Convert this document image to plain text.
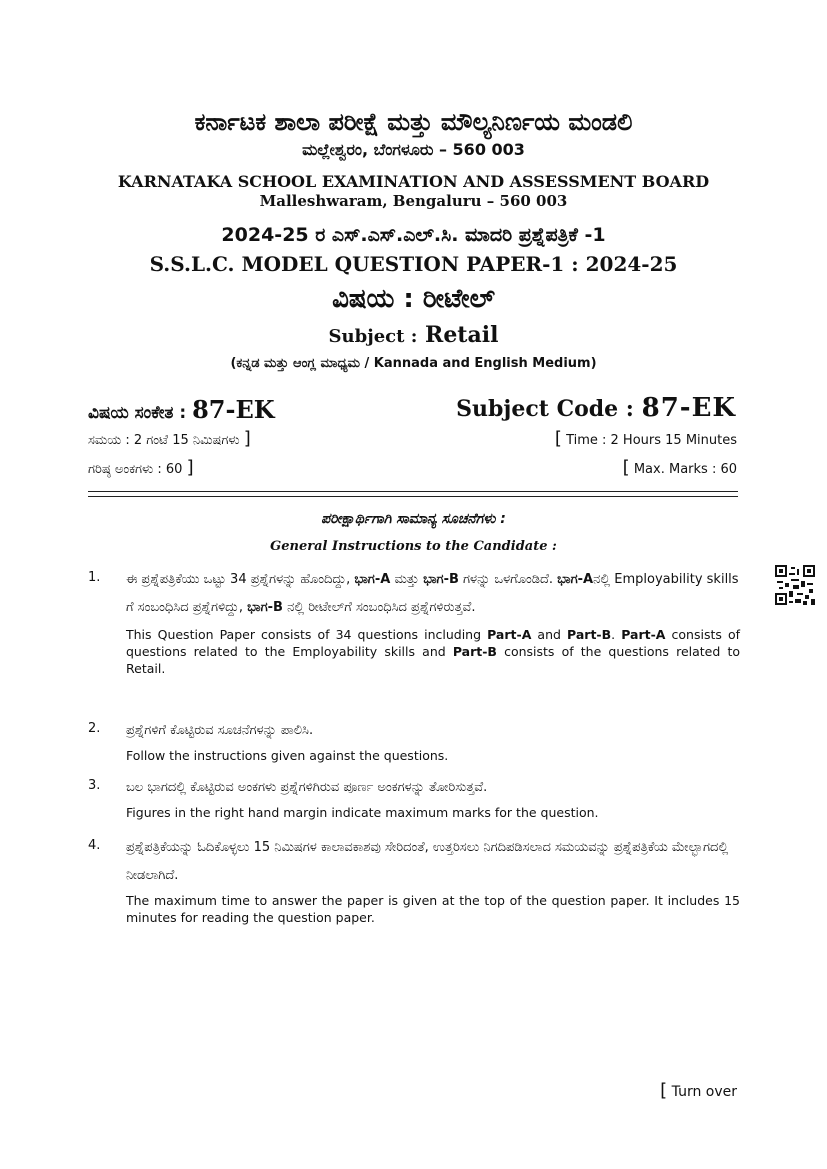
ಕರ್ನಾಟಕ ಶಾಲಾ ಪರೀಕ್ಷೆ ಮತ್ತು ಮೌಲ್ಯನಿರ್ಣಯ ಮಂಡಲಿ
ಮಲ್ಲೇಶ್ವರಂ, ಬೆಂಗಳೂರು – 560 003
KARNATAKA SCHOOL EXAMINATION AND ASSESSMENT BOARD
Malleshwaram, Bengaluru – 560 003
2024-25 ರ ಎಸ್.ಎಸ್.ಎಲ್.ಸಿ. ಮಾದರಿ ಪ್ರಶ್ನೆಪತ್ರಿಕೆ -1
S.S.L.C. MODEL QUESTION PAPER-1 : 2024-25
ವಿಷಯ : ರೀಟೇಲ್
Subject : Retail
(ಕನ್ನಡ ಮತ್ತು ಆಂಗ್ಲ ಮಾಧ್ಯಮ / Kannada and English Medium)
ವಿಷಯ ಸಂಕೇತ : 87-EK	Subject Code : 87-EK
ಸಮಯ : 2 ಗಂಟೆ 15 ನಿಮಿಷಗಳು ]	[ Time : 2 Hours 15 Minutes
ಗರಿಷ್ಠ ಅಂಕಗಳು : 60 ]	[ Max. Marks : 60
ಪರೀಕ್ಷಾರ್ಥಿಗಾಗಿ ಸಾಮಾನ್ಯ ಸೂಚನೆಗಳು :
General Instructions to the Candidate :
1. ಈ ಪ್ರಶ್ನೆಪತ್ರಿಕೆಯು ಒಟ್ಟು 34 ಪ್ರಶ್ನೆಗಳನ್ನು ಹೊಂದಿದ್ದು, ಭಾಗ-A ಮತ್ತು ಭಾಗ-B ಗಳನ್ನು ಒಳಗೊಂಡಿದೆ. ಭಾಗ-Aನಲ್ಲಿ Employability skills ಗೆ ಸಂಬಂಧಿಸಿದ ಪ್ರಶ್ನೆಗಳಿದ್ದು, ಭಾಗ-B ನಲ್ಲಿ ರೀಟೇಲ್‌ಗೆ ಸಂಬಂಧಿಸಿದ ಪ್ರಶ್ನೆಗಳಿರುತ್ತವೆ.
This Question Paper consists of 34 questions including Part-A and Part-B. Part-A consists of questions related to the Employability skills and Part-B consists of the questions related to Retail.
2. ಪ್ರಶ್ನೆಗಳಿಗೆ ಕೊಟ್ಟಿರುವ ಸೂಚನೆಗಳನ್ನು ಪಾಲಿಸಿ.
Follow the instructions given against the questions.
3. ಬಲ ಭಾಗದಲ್ಲಿ ಕೊಟ್ಟಿರುವ ಅಂಕಗಳು ಪ್ರಶ್ನೆಗಳಿಗಿರುವ ಪೂರ್ಣ ಅಂಕಗಳನ್ನು ತೋರಿಸುತ್ತವೆ.
Figures in the right hand margin indicate maximum marks for the question.
4. ಪ್ರಶ್ನೆಪತ್ರಿಕೆಯನ್ನು ಓದಿಕೊಳ್ಳಲು 15 ನಿಮಿಷಗಳ ಕಾಲಾವಕಾಶವು ಸೇರಿದಂತೆ, ಉತ್ತರಿಸಲು ನಿಗದಿಪಡಿಸಲಾದ ಸಮಯವನ್ನು ಪ್ರಶ್ನೆಪತ್ರಿಕೆಯ ಮೇಲ್ಭಾಗದಲ್ಲಿ ನೀಡಲಾಗಿದೆ.
The maximum time to answer the paper is given at the top of the question paper. It includes 15 minutes for reading the question paper.
[ Turn over
